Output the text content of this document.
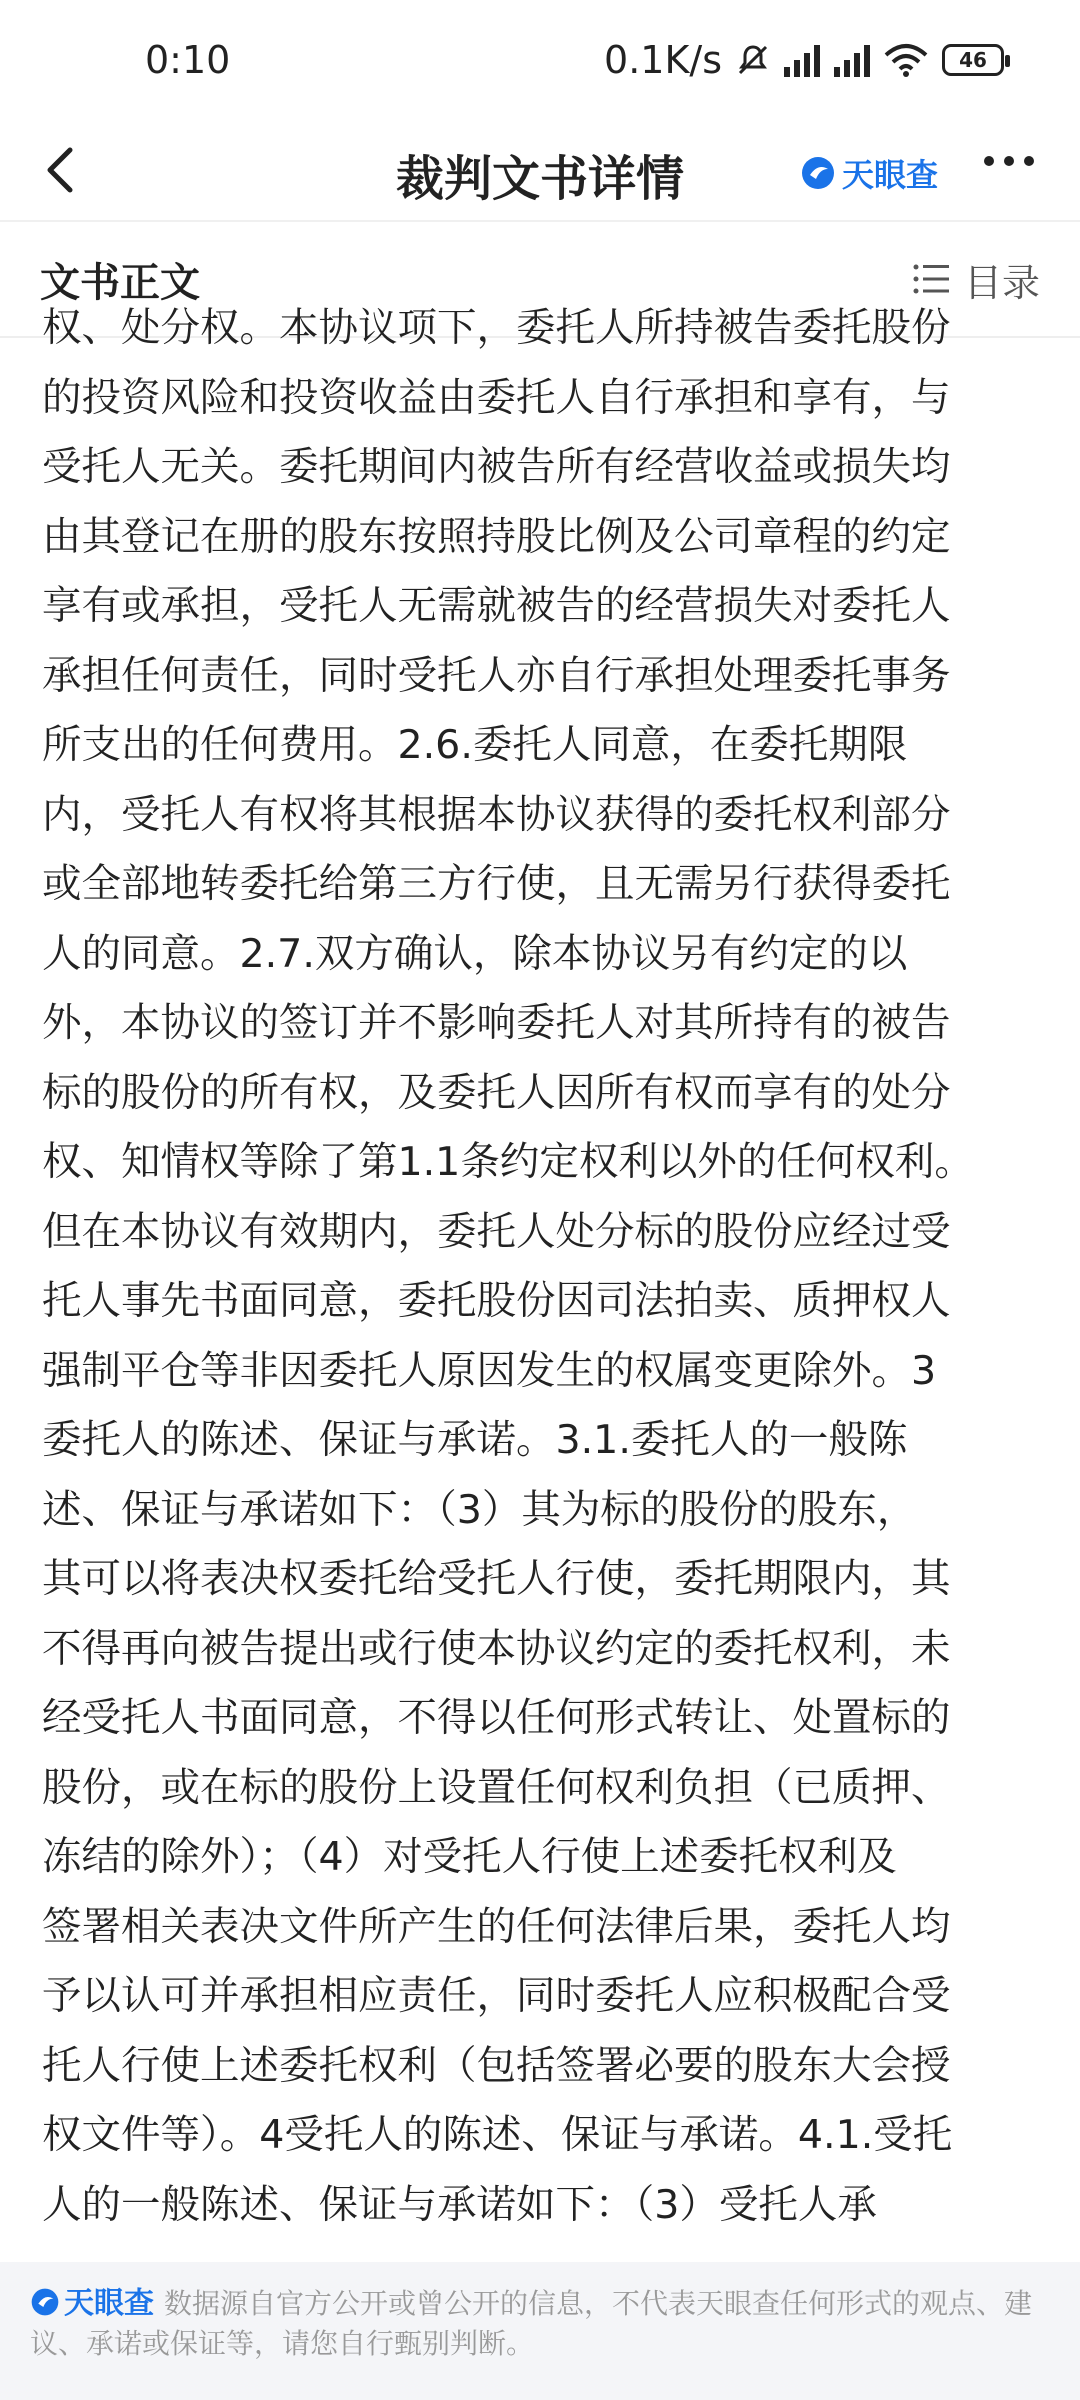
0:10	0.1K/s	46
裁判文书详情	天眼查
文书正文	目录
权、处分权。本协议项下，委托人所持被告委托股份
的投资风险和投资收益由委托人自行承担和享有，与
受托人无关。委托期间内被告所有经营收益或损失均
由其登记在册的股东按照持股比例及公司章程的约定
享有或承担，受托人无需就被告的经营损失对委托人
承担任何责任，同时受托人亦自行承担处理委托事务
所支出的任何费用。2.6.委托人同意，在委托期限
内，受托人有权将其根据本协议获得的委托权利部分
或全部地转委托给第三方行使，且无需另行获得委托
人的同意。2.7.双方确认，除本协议另有约定的以
外，本协议的签订并不影响委托人对其所持有的被告
标的股份的所有权，及委托人因所有权而享有的处分
权、知情权等除了第1.1条约定权利以外的任何权利。
但在本协议有效期内，委托人处分标的股份应经过受
托人事先书面同意，委托股份因司法拍卖、质押权人
强制平仓等非因委托人原因发生的权属变更除外。3
委托人的陈述、保证与承诺。3.1.委托人的一般陈
述、保证与承诺如下：（3）其为标的股份的股东，
其可以将表决权委托给受托人行使，委托期限内，其
不得再向被告提出或行使本协议约定的委托权利，未
经受托人书面同意，不得以任何形式转让、处置标的
股份，或在标的股份上设置任何权利负担（已质押、
冻结的除外）；（4）对受托人行使上述委托权利及
签署相关表决文件所产生的任何法律后果，委托人均
予以认可并承担相应责任，同时委托人应积极配合受
托人行使上述委托权利（包括签署必要的股东大会授
权文件等）。4受托人的陈述、保证与承诺。4.1.受托
人的一般陈述、保证与承诺如下：（3）受托人承
天眼查 数据源自官方公开或曾公开的信息，不代表天眼查任何形式的观点、建议、承诺或保证等，请您自行甄别判断。
